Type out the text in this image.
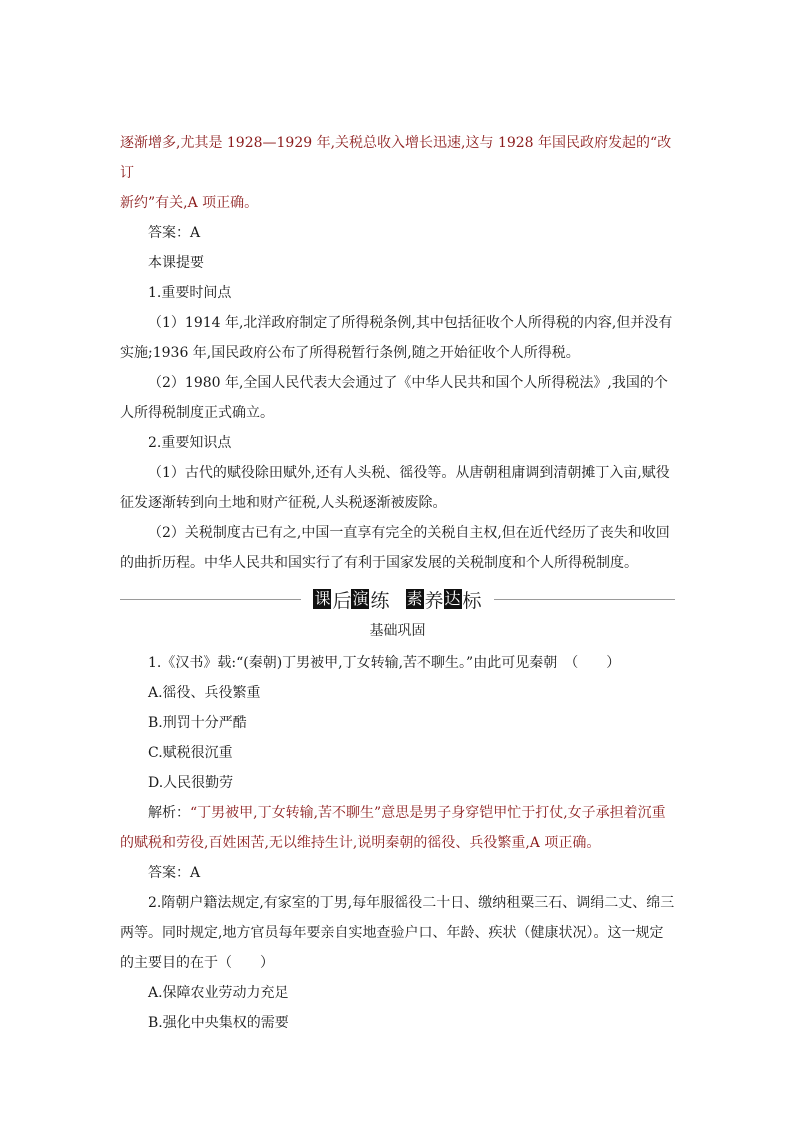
逐渐增多,尤其是 1928—1929 年,关税总收入增长迅速,这与 1928 年国民政府发起的“改订

新约”有关,A 项正确。

答案：A

本课提要

1.重要时间点

（1）1914 年,北洋政府制定了所得税条例,其中包括征收个人所得税的内容,但并没有实施;1936 年,国民政府公布了所得税暂行条例,随之开始征收个人所得税。

（2）1980 年,全国人民代表大会通过了《中华人民共和国个人所得税法》,我国的个人所得税制度正式确立。

2.重要知识点

（1）古代的赋役除田赋外,还有人头税、徭役等。从唐朝租庸调到清朝摊丁入亩,赋役征发逐渐转到向土地和财产征税,人头税逐渐被废除。

（2）关税制度古已有之,中国一直享有完全的关税自主权,但在近代经历了丧失和收回的曲折历程。中华人民共和国实行了有利于国家发展的关税制度和个人所得税制度。

课 后 演 练 素 养 达 标

基础巩固

1.《汉书》载:“(秦朝)丁男被甲,丁女转输,苦不聊生。”由此可见秦朝　（　　）

A.徭役、兵役繁重

B.刑罚十分严酷

C.赋税很沉重

D.人民很勤劳

解析：“丁男被甲,丁女转输,苦不聊生”意思是男子身穿铠甲忙于打仗,女子承担着沉重的赋税和劳役,百姓困苦,无以维持生计,说明秦朝的徭役、兵役繁重,A 项正确。

答案：A

2.隋朝户籍法规定,有家室的丁男,每年服徭役二十日、缴纳租粟三石、调绢二丈、绵三两等。同时规定,地方官员每年要亲自实地查验户口、年龄、疾状（健康状况）。这一规定的主要目的在于（　　）

A.保障农业劳动力充足

B.强化中央集权的需要
